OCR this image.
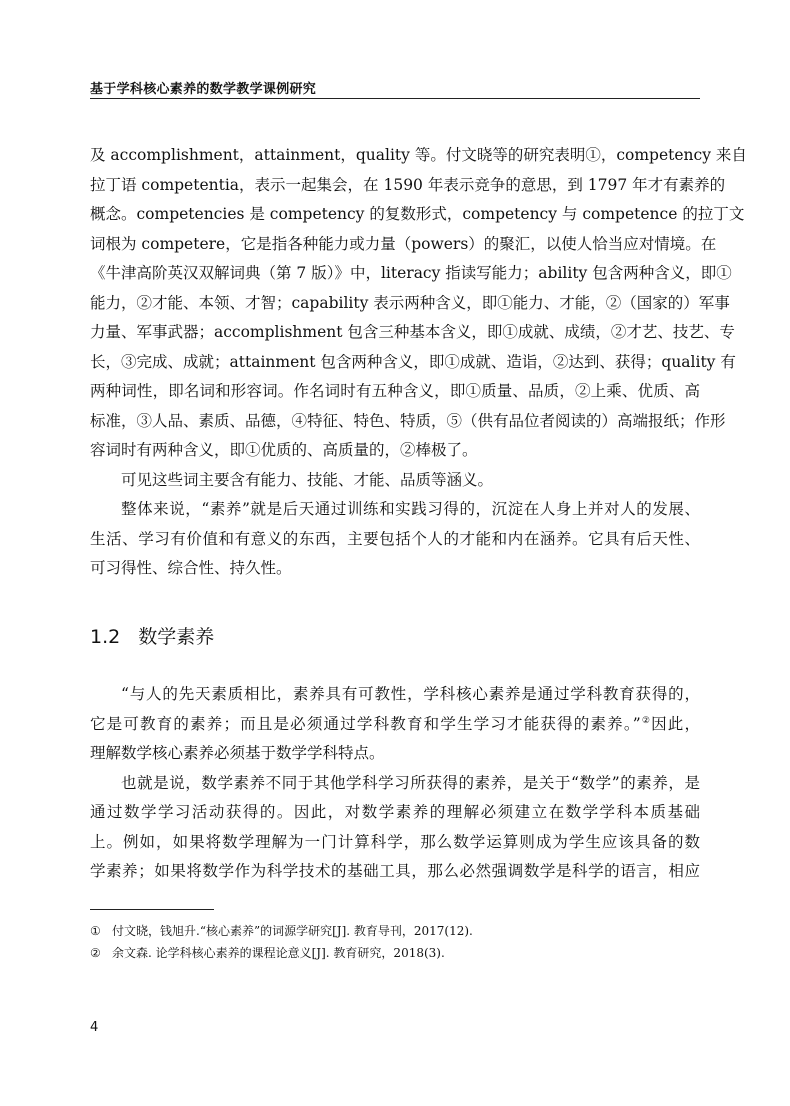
基于学科核心素养的数学教学课例研究

及 accomplishment，attainment，quality 等。付文晓等的研究表明①，competency 来自
拉丁语 competentia，表示一起集会，在 1590 年表示竞争的意思，到 1797 年才有素养的
概念。competencies 是 competency 的复数形式，competency 与 competence 的拉丁文
词根为 competere，它是指各种能力或力量（powers）的聚汇，以使人恰当应对情境。在
《牛津高阶英汉双解词典（第 7 版）》中，literacy 指读写能力；ability 包含两种含义，即①
能力，②才能、本领、才智；capability 表示两种含义，即①能力、才能，②（国家的）军事
力量、军事武器；accomplishment 包含三种基本含义，即①成就、成绩，②才艺、技艺、专
长，③完成、成就；attainment 包含两种含义，即①成就、造诣，②达到、获得；quality 有
两种词性，即名词和形容词。作名词时有五种含义，即①质量、品质，②上乘、优质、高
标准，③人品、素质、品德，④特征、特色、特质，⑤（供有品位者阅读的）高端报纸；作形
容词时有两种含义，即①优质的、高质量的，②棒极了。

可见这些词主要含有能力、技能、才能、品质等涵义。

整体来说，“素养”就是后天通过训练和实践习得的，沉淀在人身上并对人的发展、
生活、学习有价值和有意义的东西，主要包括个人的才能和内在涵养。它具有后天性、
可习得性、综合性、持久性。

1.2 数学素养

“与人的先天素质相比，素养具有可教性，学科核心素养是通过学科教育获得的，
它是可教育的素养；而且是必须通过学科教育和学生学习才能获得的素养。”②因此，
理解数学核心素养必须基于数学学科特点。

也就是说，数学素养不同于其他学科学习所获得的素养，是关于“数学”的素养，是
通过数学学习活动获得的。因此，对数学素养的理解必须建立在数学学科本质基础
上。例如，如果将数学理解为一门计算科学，那么数学运算则成为学生应该具备的数
学素养；如果将数学作为科学技术的基础工具，那么必然强调数学是科学的语言，相应

① 付文晓，钱旭升.“核心素养”的词源学研究[J]. 教育导刊，2017(12).
② 余文森. 论学科核心素养的课程论意义[J]. 教育研究，2018(3).
4
